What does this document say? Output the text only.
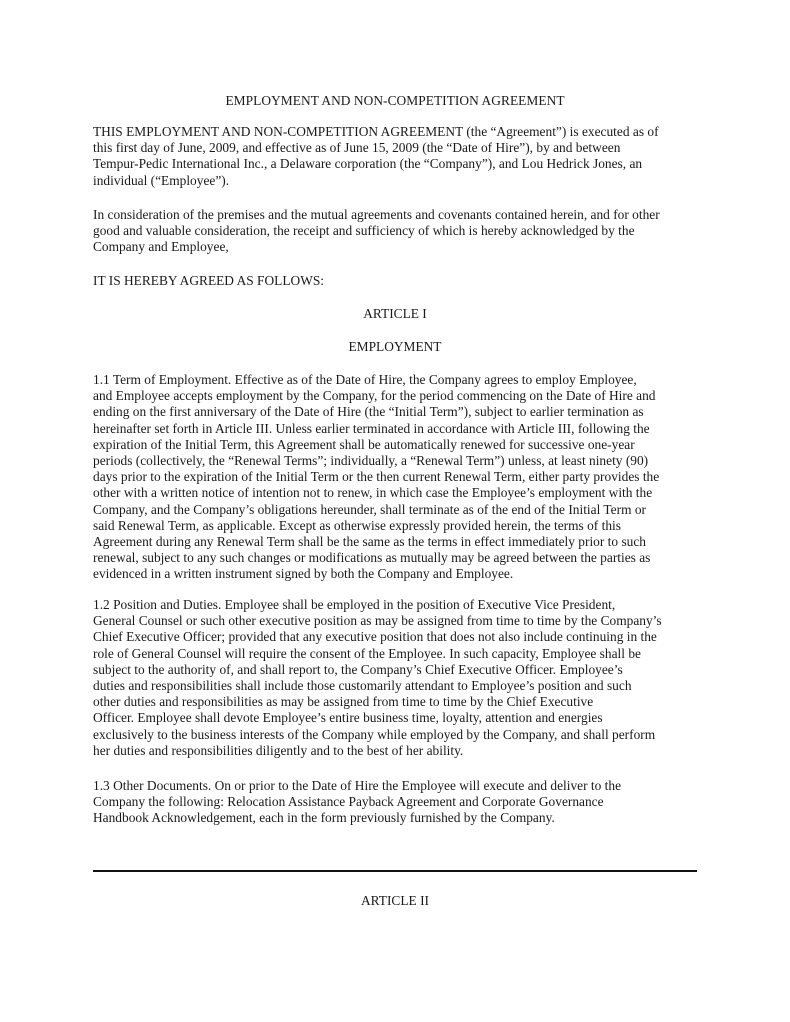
EMPLOYMENT AND NON-COMPETITION AGREEMENT
THIS EMPLOYMENT AND NON-COMPETITION AGREEMENT (the “Agreement”) is executed as of
this first day of June, 2009, and effective as of June 15, 2009 (the “Date of Hire”), by and between
Tempur-Pedic International Inc., a Delaware corporation (the “Company”), and Lou Hedrick Jones, an
individual (“Employee”).
In consideration of the premises and the mutual agreements and covenants contained herein, and for other
good and valuable consideration, the receipt and sufficiency of which is hereby acknowledged by the
Company and Employee,
IT IS HEREBY AGREED AS FOLLOWS:
ARTICLE I
EMPLOYMENT
1.1 Term of Employment. Effective as of the Date of Hire, the Company agrees to employ Employee,
and Employee accepts employment by the Company, for the period commencing on the Date of Hire and
ending on the first anniversary of the Date of Hire (the “Initial Term”), subject to earlier termination as
hereinafter set forth in Article III. Unless earlier terminated in accordance with Article III, following the
expiration of the Initial Term, this Agreement shall be automatically renewed for successive one-year
periods (collectively, the “Renewal Terms”; individually, a “Renewal Term”) unless, at least ninety (90)
days prior to the expiration of the Initial Term or the then current Renewal Term, either party provides the
other with a written notice of intention not to renew, in which case the Employee’s employment with the
Company, and the Company’s obligations hereunder, shall terminate as of the end of the Initial Term or
said Renewal Term, as applicable. Except as otherwise expressly provided herein, the terms of this
Agreement during any Renewal Term shall be the same as the terms in effect immediately prior to such
renewal, subject to any such changes or modifications as mutually may be agreed between the parties as
evidenced in a written instrument signed by both the Company and Employee.
1.2 Position and Duties. Employee shall be employed in the position of Executive Vice President,
General Counsel or such other executive position as may be assigned from time to time by the Company’s
Chief Executive Officer; provided that any executive position that does not also include continuing in the
role of General Counsel will require the consent of the Employee. In such capacity, Employee shall be
subject to the authority of, and shall report to, the Company’s Chief Executive Officer. Employee’s
duties and responsibilities shall include those customarily attendant to Employee’s position and such
other duties and responsibilities as may be assigned from time to time by the Chief Executive
Officer. Employee shall devote Employee’s entire business time, loyalty, attention and energies
exclusively to the business interests of the Company while employed by the Company, and shall perform
her duties and responsibilities diligently and to the best of her ability.
1.3 Other Documents. On or prior to the Date of Hire the Employee will execute and deliver to the
Company the following: Relocation Assistance Payback Agreement and Corporate Governance
Handbook Acknowledgement, each in the form previously furnished by the Company.
ARTICLE II
